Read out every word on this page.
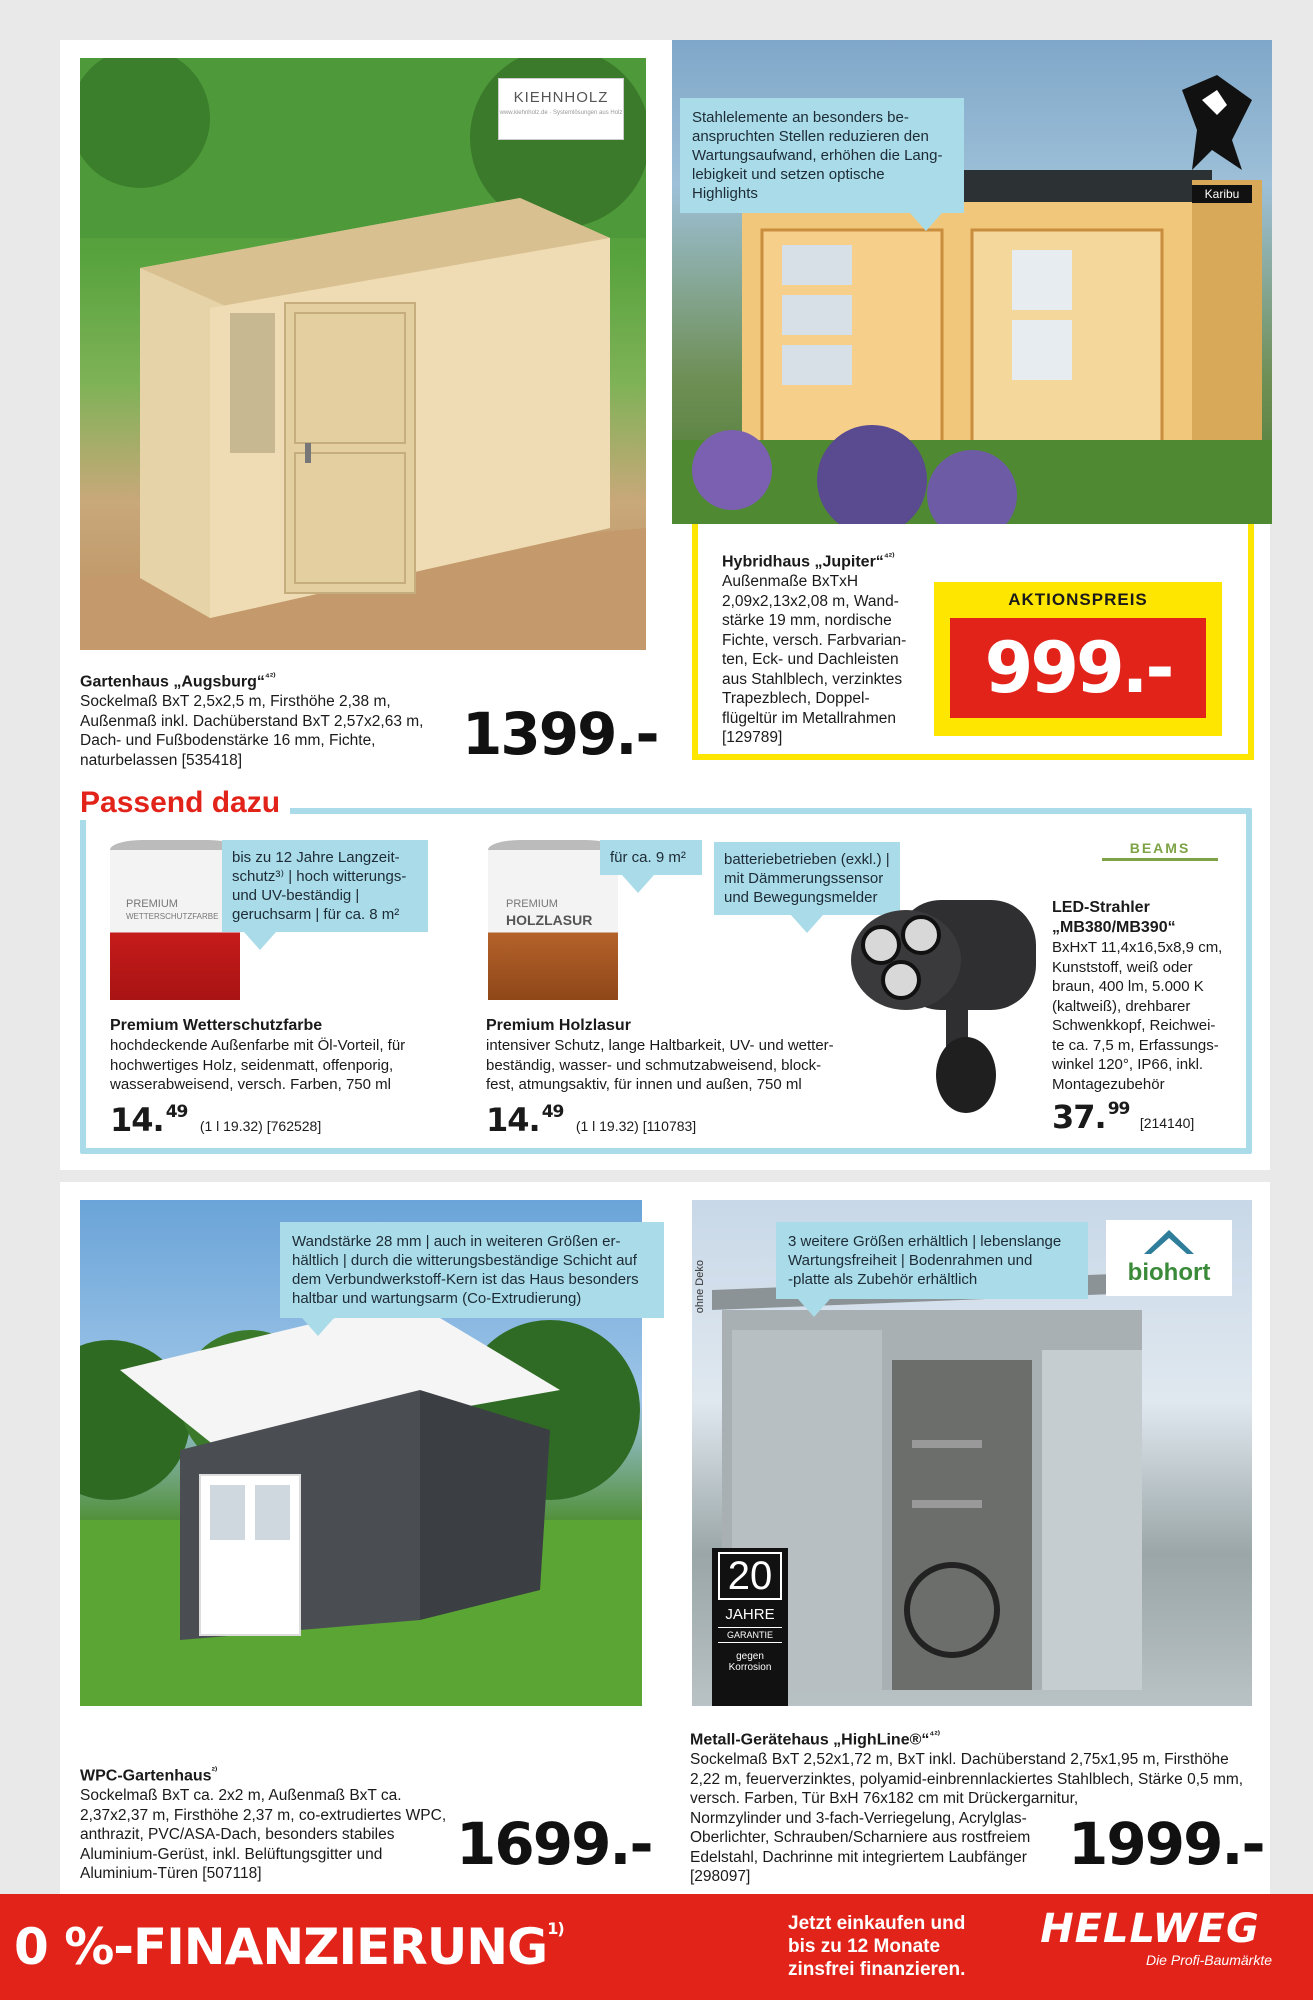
KIEHNHOLZ
www.kiehnholz.de · Systemlösungen aus Holz
Gartenhaus „Augsburg“$^{^{42)}}$
Sockelmaß BxT 2,5x2,5 m, Firsthöhe 2,38 m,
Außenmaß inkl. Dachüberstand BxT 2,57x2,63 m,
Dach- und Fußbodenstärke 16 mm, Fichte,
naturbelassen [535418]	1399.-
Karibu
Stahlelemente an besonders be-
anspruchten Stellen reduzieren den
Wartungsaufwand, erhöhen die Lang-
lebigkeit und setzen optische Highlights
Hybridhaus „Jupiter“$^{^{42)}}$
Außenmaße BxTxH
2,09x2,13x2,08 m, Wand-
stärke 19 mm, nordische
Fichte, versch. Farbvarian-
ten, Eck- und Dachleisten
aus Stahlblech, verzinktes
Trapezblech, Doppel-
flügeltür im Metallrahmen
[129789]
AKTIONSPREIS
999.-
Passend dazu
PREMIUM
WETTERSCHUTZFARBE
bis zu 12 Jahre Langzeit-
schutz³⁾ | hoch witterungs-
und UV-beständig |
geruchsarm | für ca. 8 m²
Premium Wetterschutzfarbe
hochdeckende Außenfarbe mit Öl-Vorteil, für
hochwertiges Holz, seidenmatt, offenporig,
wasserabweisend, versch. Farben, 750 ml
14. $^{49}$ (1 l 19.32) [762528]
PREMIUM
HOLZLASUR
für ca. 9 m²
Premium Holzlasur
intensiver Schutz, lange Haltbarkeit, UV- und wetter-
beständig, wasser- und schmutzabweisend, block-
fest, atmungsaktiv, für innen und außen, 750 ml
14. $^{49}$ (1 l 19.32) [110783]
batteriebetrieben (exkl.) |
mit Dämmerungssensor
und Bewegungsmelder
BEAMS
LED-Strahler
„MB380/MB390“
BxHxT 11,4x16,5x8,9 cm,
Kunststoff, weiß oder
braun, 400 lm, 5.000 K
(kaltweiß), drehbarer
Schwenkkopf, Reichwei-
te ca. 7,5 m, Erfassungs-
winkel 120°, IP66, inkl.
Montagezubehör
37. $^{99}$ [214140]
Wandstärke 28 mm | auch in weiteren Größen er-
hältlich | durch die witterungsbeständige Schicht auf
dem Verbundwerkstoff-Kern ist das Haus besonders
haltbar und wartungsarm (Co-Extrudierung)
WPC-Gartenhaus$^{^{2)}}$
Sockelmaß BxT ca. 2x2 m, Außenmaß BxT ca.
2,37x2,37 m, Firsthöhe 2,37 m, co-extrudiertes WPC,
anthrazit, PVC/ASA-Dach, besonders stabiles
Aluminium-Gerüst, inkl. Belüftungsgitter und
Aluminium-Türen [507118]	1699.-
ohne Deko	biohort
20
JAHRE
GARANTIE
gegen
Korrosion
3 weitere Größen erhältlich | lebenslange
Wartungsfreiheit | Bodenrahmen und
-platte als Zubehör erhältlich
Metall-Gerätehaus „HighLine®“$^{^{42)}}$
Sockelmaß BxT 2,52x1,72 m, BxT inkl. Dachüberstand 2,75x1,95 m, Firsthöhe
2,22 m, feuerverzinktes, polyamid-einbrennlackiertes Stahlblech, Stärke 0,5 mm,
versch. Farben, Tür BxH 76x182 cm mit Drückergarnitur,
Normzylinder und 3-fach-Verriegelung, Acrylglas-
Oberlichter, Schrauben/Scharniere aus rostfreiem
Edelstahl, Dachrinne mit integriertem Laubfänger
[298097]	1999.-
0 %-FINANZIERUNG$^{1)}$	Jetzt einkaufen und
bis zu 12 Monate
zinsfrei finanzieren.
HELLWEG
Die Profi-Baumärkte
